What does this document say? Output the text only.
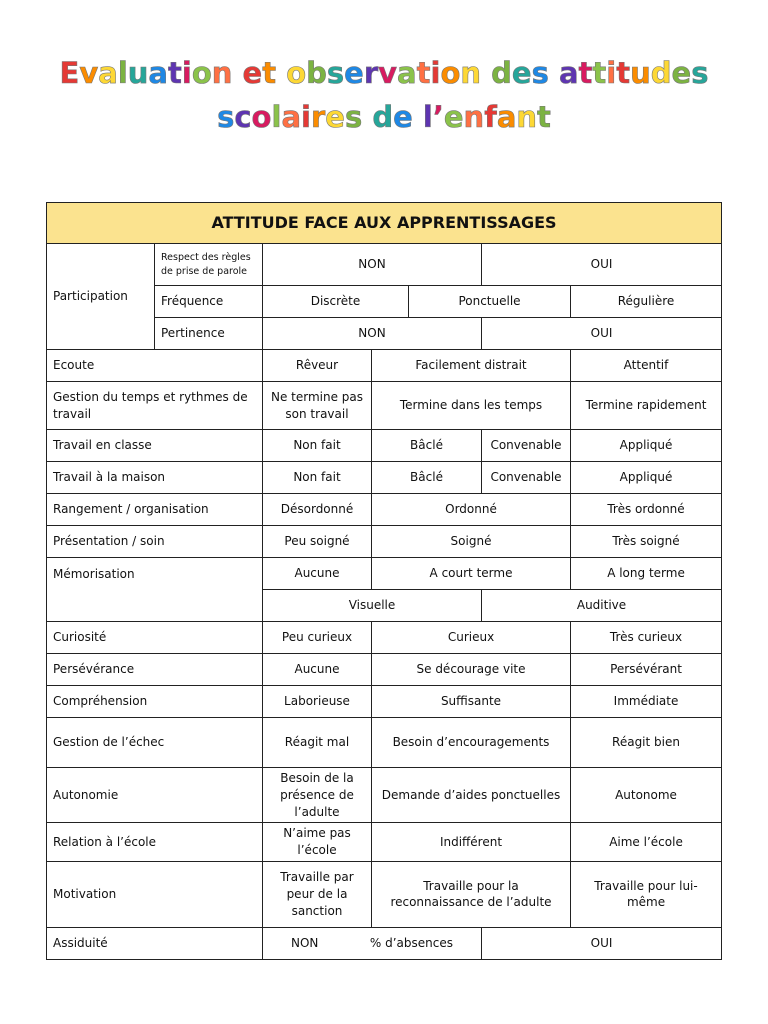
Evaluation et observation des attitudes
scolaires de l’enfant
ATTITUDE FACE AUX APPRENTISSAGES						
Participation	Respect des règles de prise de parole	NON			OUI	
	Fréquence	Discrète		Ponctuelle		Régulière
	Pertinence	NON			OUI	
Ecoute		Rêveur	Facilement distrait			Attentif
Gestion du temps et rythmes de travail		Ne termine pas son travail	Termine dans les temps			Termine rapidement
Travail en classe		Non fait	Bâclé		Convenable	Appliqué
Travail à la maison		Non fait	Bâclé		Convenable	Appliqué
Rangement / organisation		Désordonné	Ordonné			Très ordonné
Présentation / soin		Peu soigné	Soigné			Très soigné
Mémorisation		Aucune	A court terme			A long terme
		Visuelle			Auditive	
Curiosité		Peu curieux	Curieux			Très curieux
Persévérance		Aucune	Se décourage vite			Persévérant
Compréhension		Laborieuse	Suffisante			Immédiate
Gestion de l’échec		Réagit mal	Besoin d’encouragements			Réagit bien
Autonomie		Besoin de la présence de l’adulte	Demande d’aides ponctuelles			Autonome
Relation à l’école		N’aime pas l’école	Indifférent			Aime l’école
Motivation		Travaille par peur de la sanction	Travaille pour la reconnaissance de l’adulte			Travaille pour lui-même
Assiduité		NON % d’absences			OUI	
